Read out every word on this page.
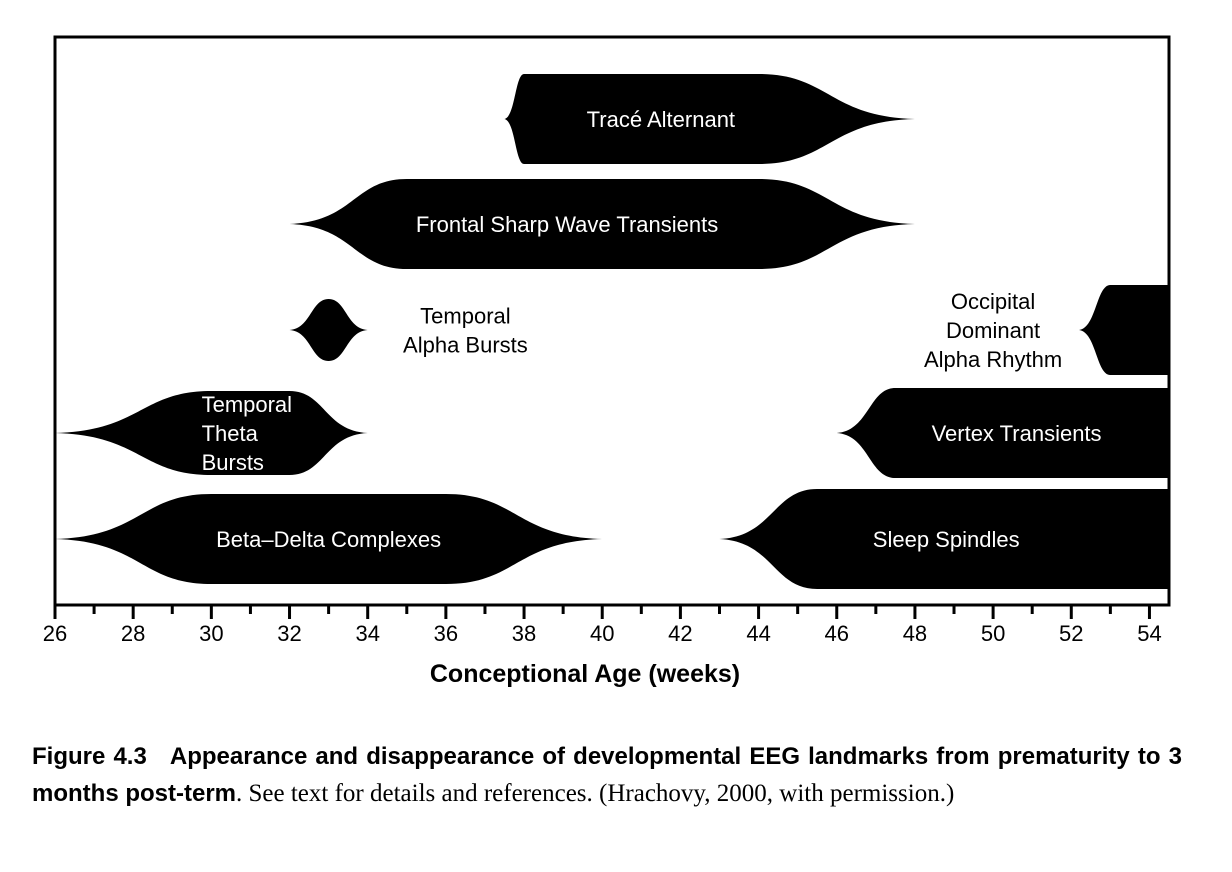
Tracé Alternant
Frontal Sharp Wave Transients
Temporal
Alpha Bursts
Occipital
Dominant
Alpha Rhythm
Temporal
Theta
Bursts
Vertex Transients
Beta–Delta Complexes	Sleep Spindles
26 28 30 32 34 36 38 40 42 44 46 48 50 52 54
Conceptional Age (weeks)
Figure 4.3 Appearance and disappearance of developmental EEG landmarks from prematurity to 3 months post-term. See text for details and references. (Hrachovy, 2000, with permission.)
